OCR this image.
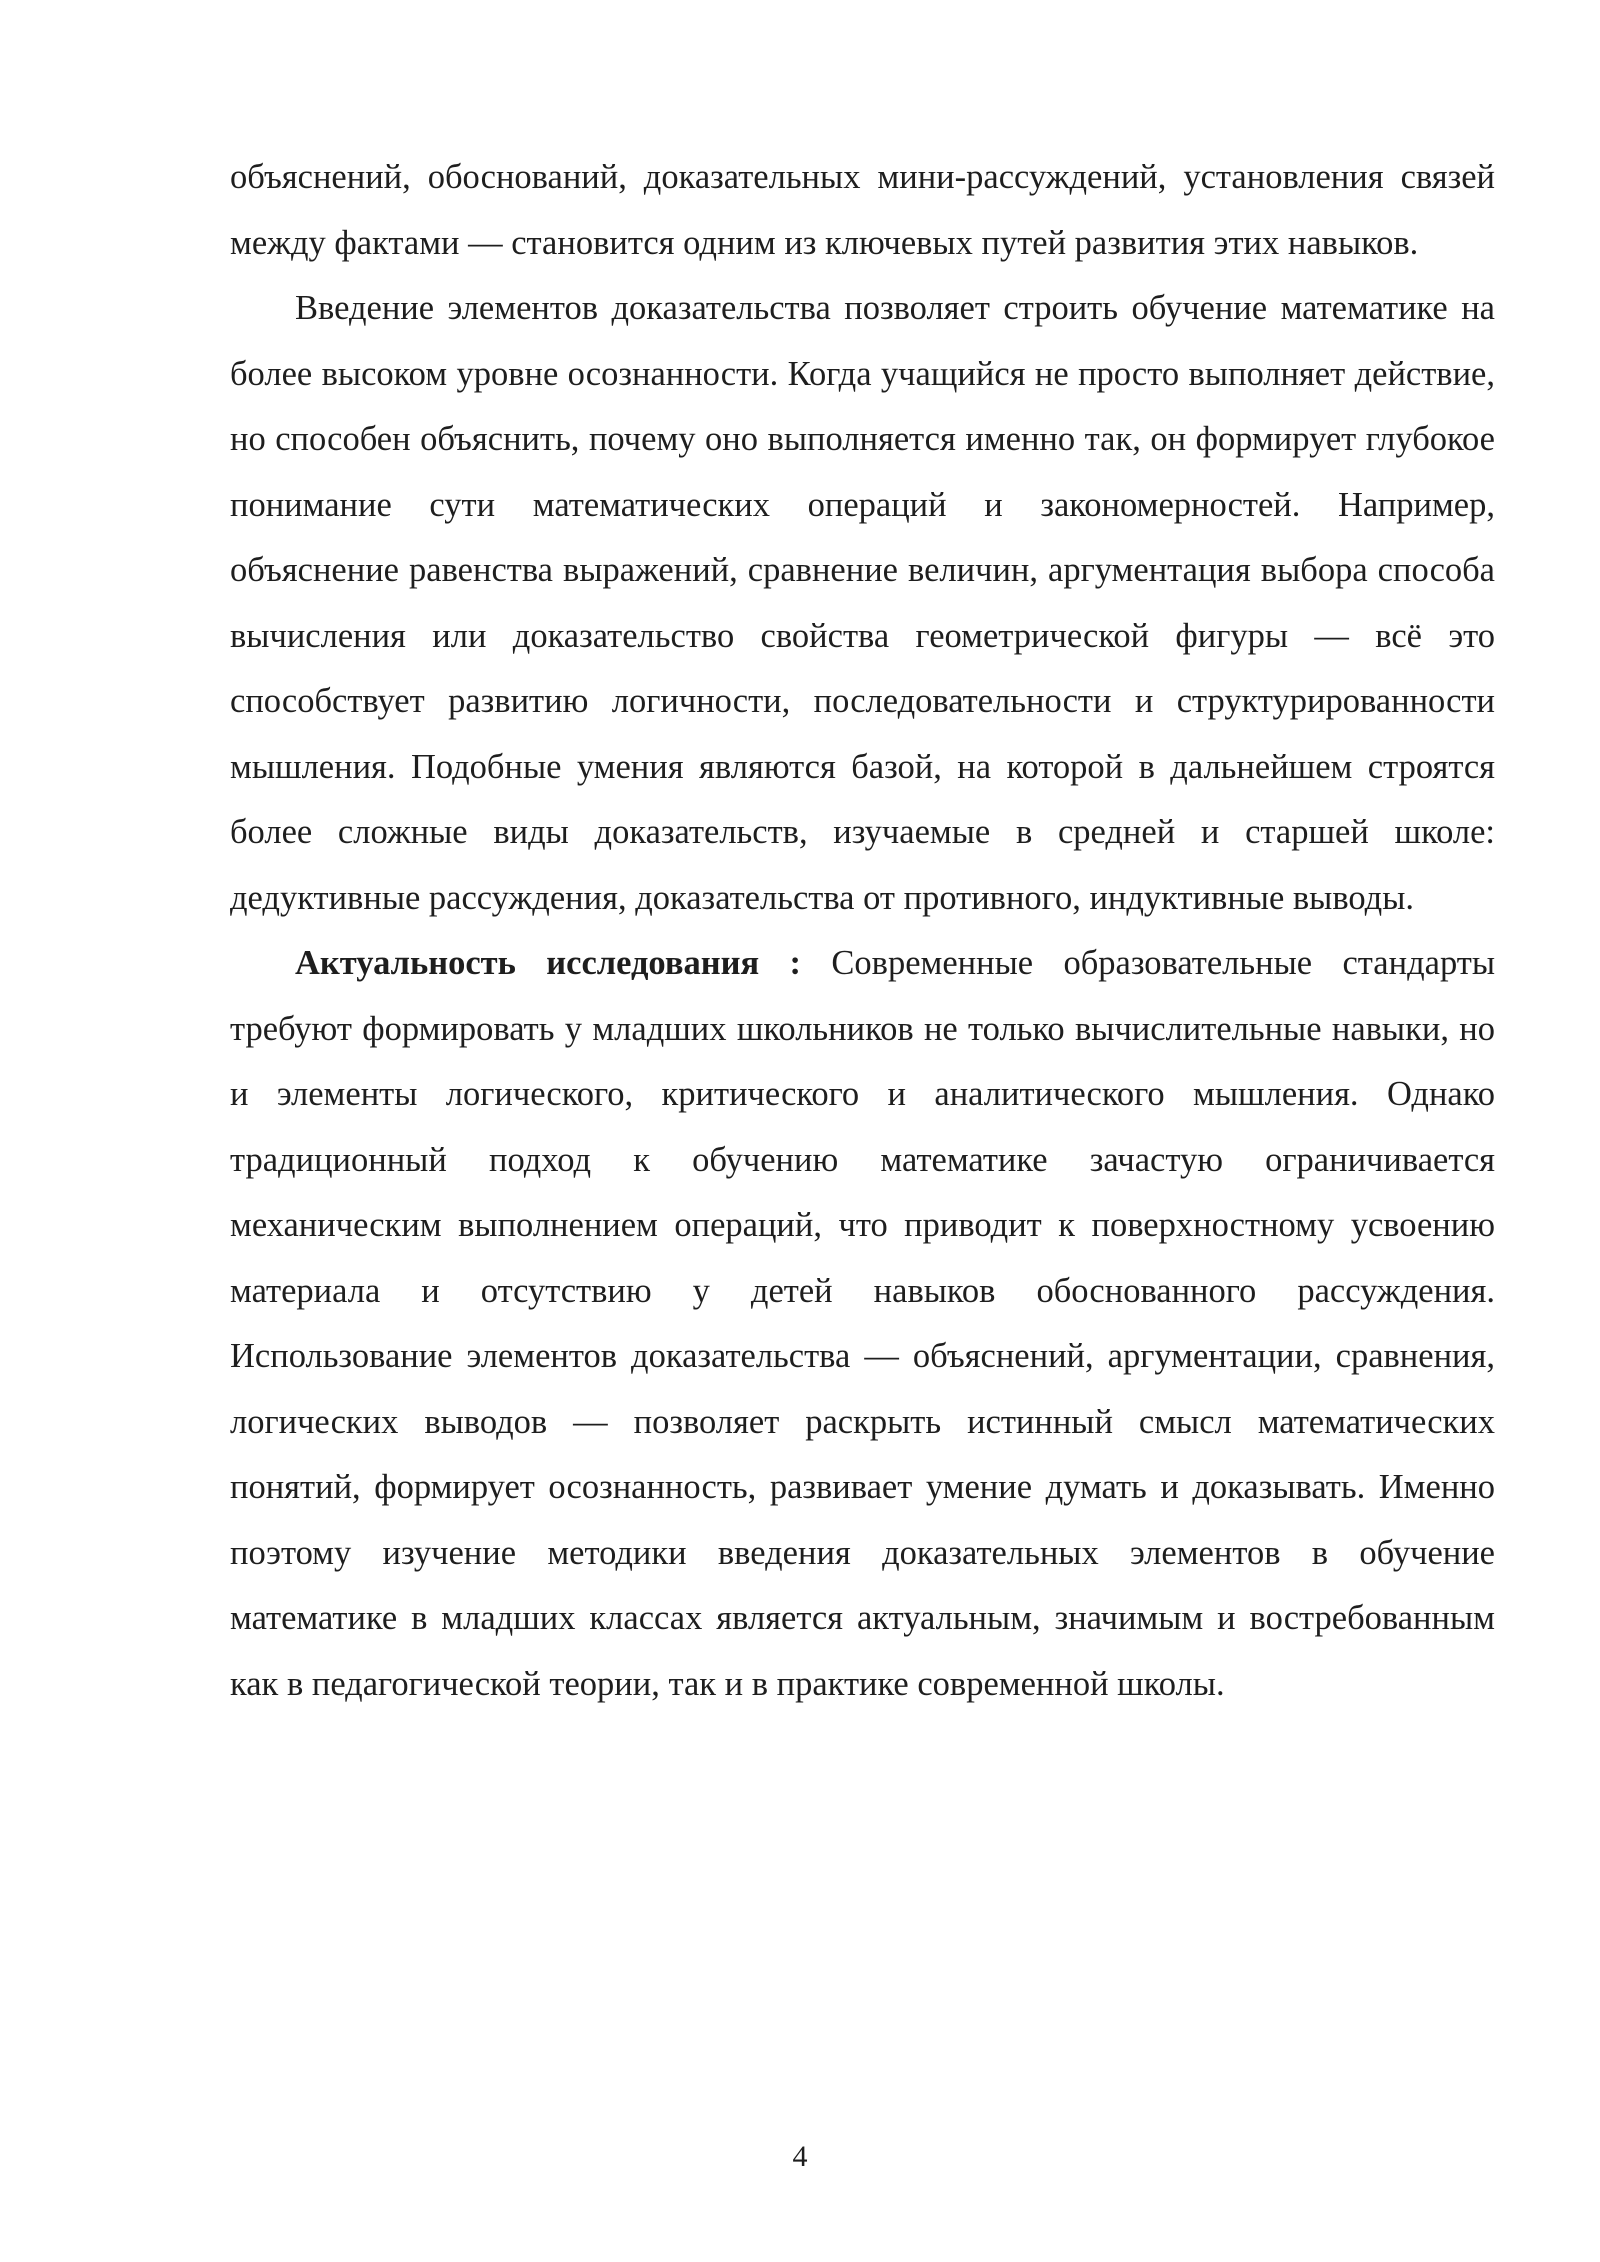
объяснений, обоснований, доказательных мини-рассуждений, установления связей между фактами — становится одним из ключевых путей развития этих навыков.

Введение элементов доказательства позволяет строить обучение математике на более высоком уровне осознанности. Когда учащийся не просто выполняет действие, но способен объяснить, почему оно выполняется именно так, он формирует глубокое понимание сути математических операций и закономерностей. Например, объяснение равенства выражений, сравнение величин, аргументация выбора способа вычисления или доказательство свойства геометрической фигуры — всё это способствует развитию логичности, последовательности и структурированности мышления. Подобные умения являются базой, на которой в дальнейшем строятся более сложные виды доказательств, изучаемые в средней и старшей школе: дедуктивные рассуждения, доказательства от противного, индуктивные выводы.

Актуальность исследования : Современные образовательные стандарты требуют формировать у младших школьников не только вычислительные навыки, но и элементы логического, критического и аналитического мышления. Однако традиционный подход к обучению математике зачастую ограничивается механическим выполнением операций, что приводит к поверхностному усвоению материала и отсутствию у детей навыков обоснованного рассуждения. Использование элементов доказательства — объяснений, аргументации, сравнения, логических выводов — позволяет раскрыть истинный смысл математических понятий, формирует осознанность, развивает умение думать и доказывать. Именно поэтому изучение методики введения доказательных элементов в обучение математике в младших классах является актуальным, значимым и востребованным как в педагогической теории, так и в практике современной школы.

4
